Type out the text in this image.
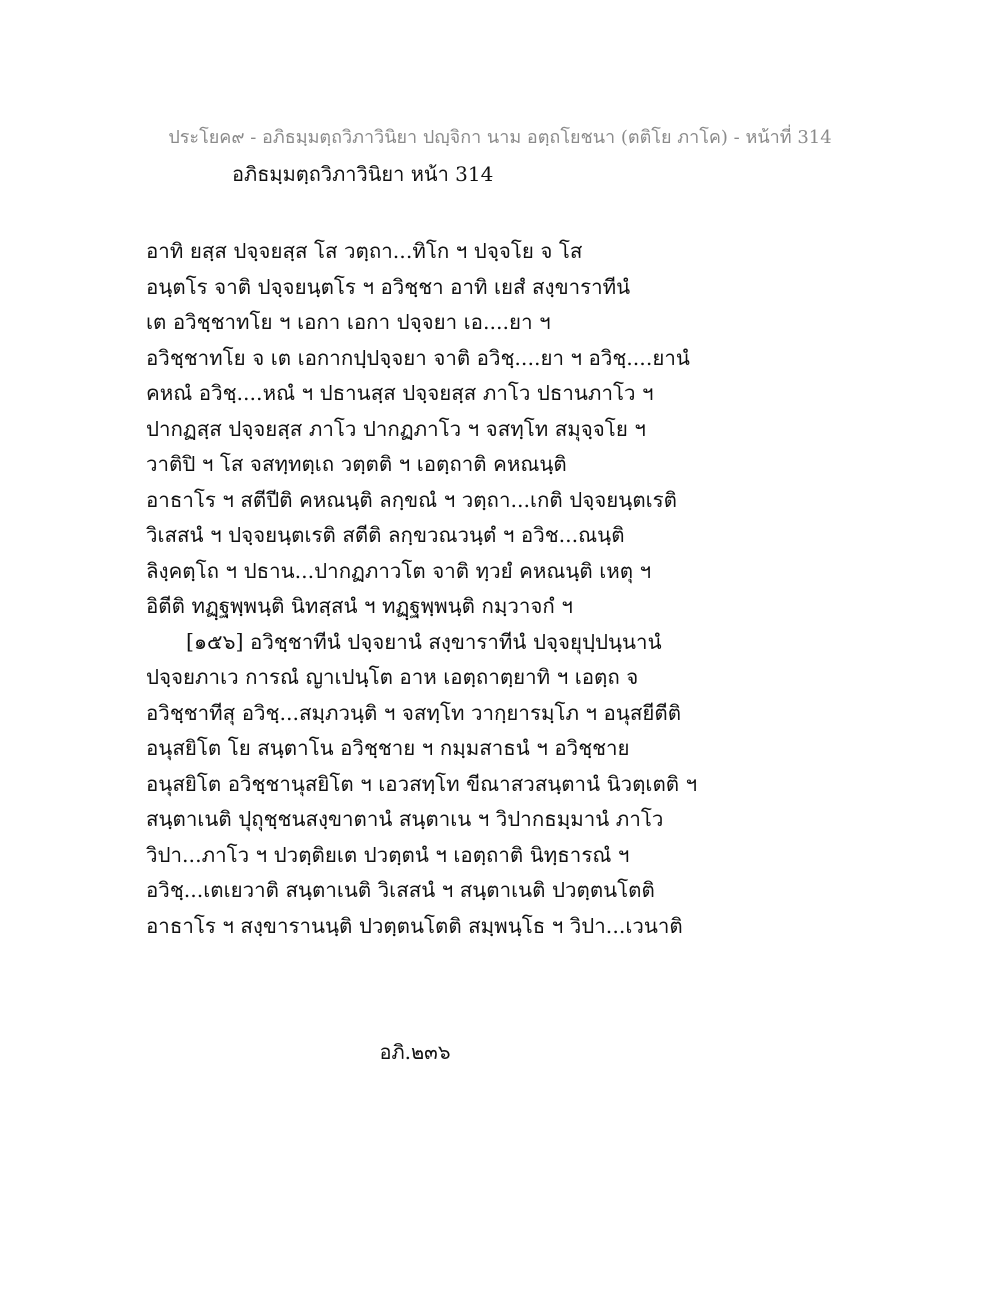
ประโยค๙ - อภิธมฺมตฺถวิภาวินิยา ปญฺจิกา นาม อตฺถโยชนา (ตติโย ภาโค) - หน้าที่ 314
อภิธมฺมตฺถวิภาวินิยา หน้า 314
อาทิ ยสฺส ปจฺจยสฺส โส วตฺถา...ทิโก ฯ ปจฺจโย จ โส
อนฺตโร จาติ ปจฺจยนฺตโร ฯ อวิชฺชา อาทิ เยสํ สงฺขาราทีนํ
เต อวิชฺชาทโย ฯ เอกา เอกา ปจฺจยา เอ....ยา ฯ
อวิชฺชาทโย จ เต เอกากปฺปจฺจยา จาติ อวิชฺ....ยา ฯ อวิชฺ....ยานํ
คหณํ อวิชฺ....หณํ ฯ ปธานสฺส ปจฺจยสฺส ภาโว ปธานภาโว ฯ
ปากฏสฺส ปจฺจยสฺส ภาโว ปากฏภาโว ฯ จสทฺโท สมุจฺจโย ฯ
วาติปิ ฯ โส จสทฺทตฺเถ วตฺตติ ฯ เอตฺถาติ คหณนฺติ
อาธาโร ฯ สตีปีติ คหณนฺติ ลกฺขณํ ฯ วตฺถา...เกติ ปจฺจยนฺตเรติ
วิเสสนํ ฯ ปจฺจยนฺตเรติ สตีติ ลกฺขวณวนฺตํ ฯ อวิช...ณนฺติ
ลิงฺคตฺโถ ฯ ปธาน...ปากฏภาวโต จาติ ทฺวยํ คหณนฺติ เหตุ ฯ
อิตีติ ทฏฺฐพฺพนฺติ นิทสฺสนํ ฯ ทฏฺฐพฺพนฺติ กมฺวาจกํ ฯ
[๑๕๖] อวิชฺชาทีนํ ปจฺจยานํ สงฺขาราทีนํ ปจฺจยุปฺปนฺนานํ
ปจฺจยภาเว การณํ ญาเปนฺโต อาห เอตฺถาตฺยาทิ ฯ เอตฺถ จ
อวิชฺชาทีสุ อวิชฺ...สมฺภวนฺติ ฯ จสทฺโท วากฺยารมฺโภ ฯ อนุสยีตีติ
อนุสยิโต โย สนฺตาโน อวิชฺชาย ฯ กมฺมสาธนํ ฯ อวิชฺชาย
อนุสยิโต อวิชฺชานุสยิโต ฯ เอวสทฺโท ขีณาสวสนฺตานํ นิวตฺเตติ ฯ
สนฺตาเนติ ปุถุชฺชนสงฺขาตานํ สนฺตาเน ฯ วิปากธมฺมานํ ภาโว
วิปา...ภาโว ฯ ปวตฺติยเต ปวตฺตนํ ฯ เอตฺถาติ นิทฺธารณํ ฯ
อวิชฺ...เตเยวาติ สนฺตาเนติ วิเสสนํ ฯ สนฺตาเนติ ปวตฺตนโตติ
อาธาโร ฯ สงฺขารานนฺติ ปวตฺตนโตติ สมฺพนฺโธ ฯ วิปา...เวนาติ
อภิ.๒๓๖
